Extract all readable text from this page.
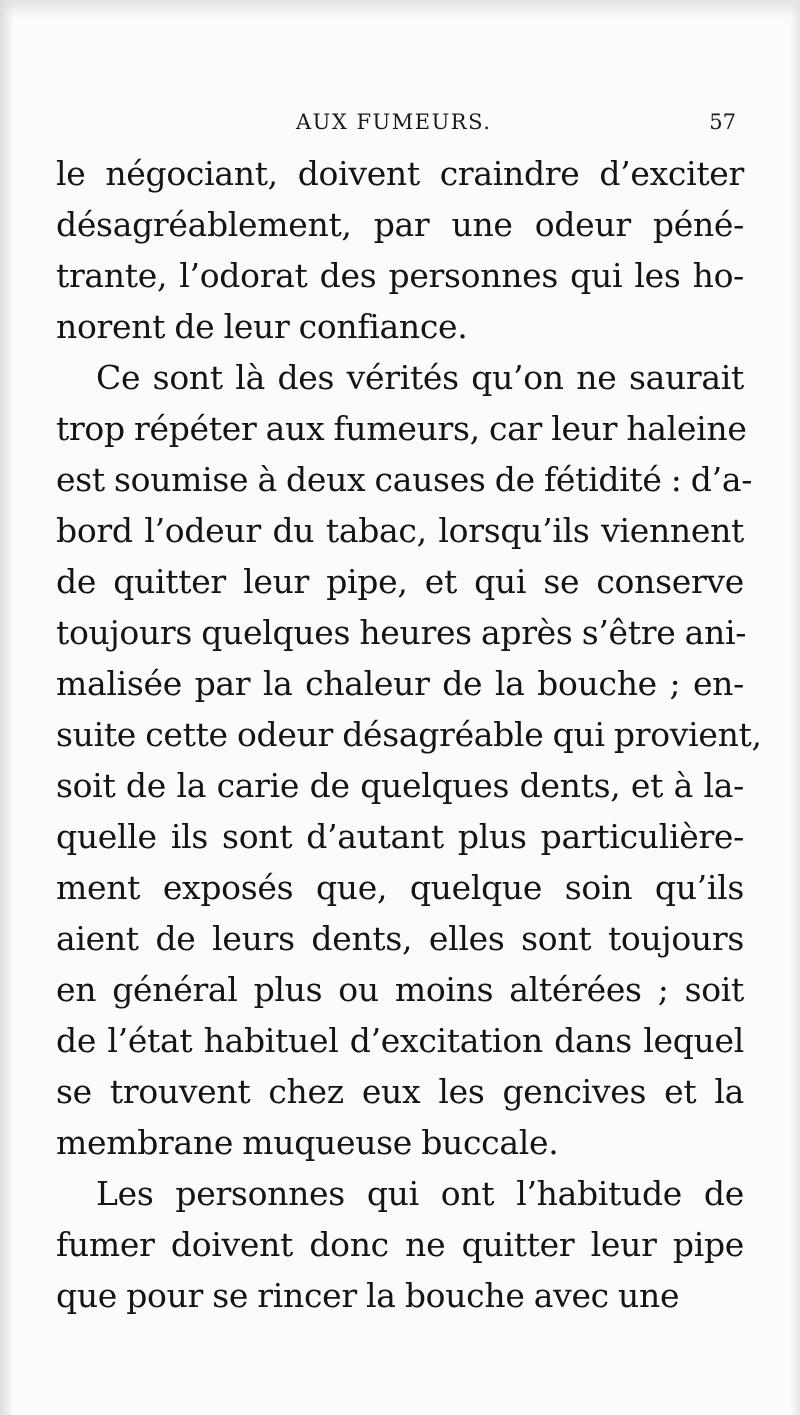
AUX FUMEURS.	57
le négociant, doivent craindre d’exciter
désagréablement, par une odeur péné-
trante, l’odorat des personnes qui les ho-
norent de leur confiance.
Ce sont là des vérités qu’on ne saurait
trop répéter aux fumeurs, car leur haleine
est soumise à deux causes de fétidité : d’a-
bord l’odeur du tabac, lorsqu’ils viennent
de quitter leur pipe, et qui se conserve
toujours quelques heures après s’être ani-
malisée par la chaleur de la bouche ; en-
suite cette odeur désagréable qui provient,
soit de la carie de quelques dents, et à la-
quelle ils sont d’autant plus particulière-
ment exposés que, quelque soin qu’ils
aient de leurs dents, elles sont toujours
en général plus ou moins altérées ; soit
de l’état habituel d’excitation dans lequel
se trouvent chez eux les gencives et la
membrane muqueuse buccale.
Les personnes qui ont l’habitude de
fumer doivent donc ne quitter leur pipe
que pour se rincer la bouche avec une
